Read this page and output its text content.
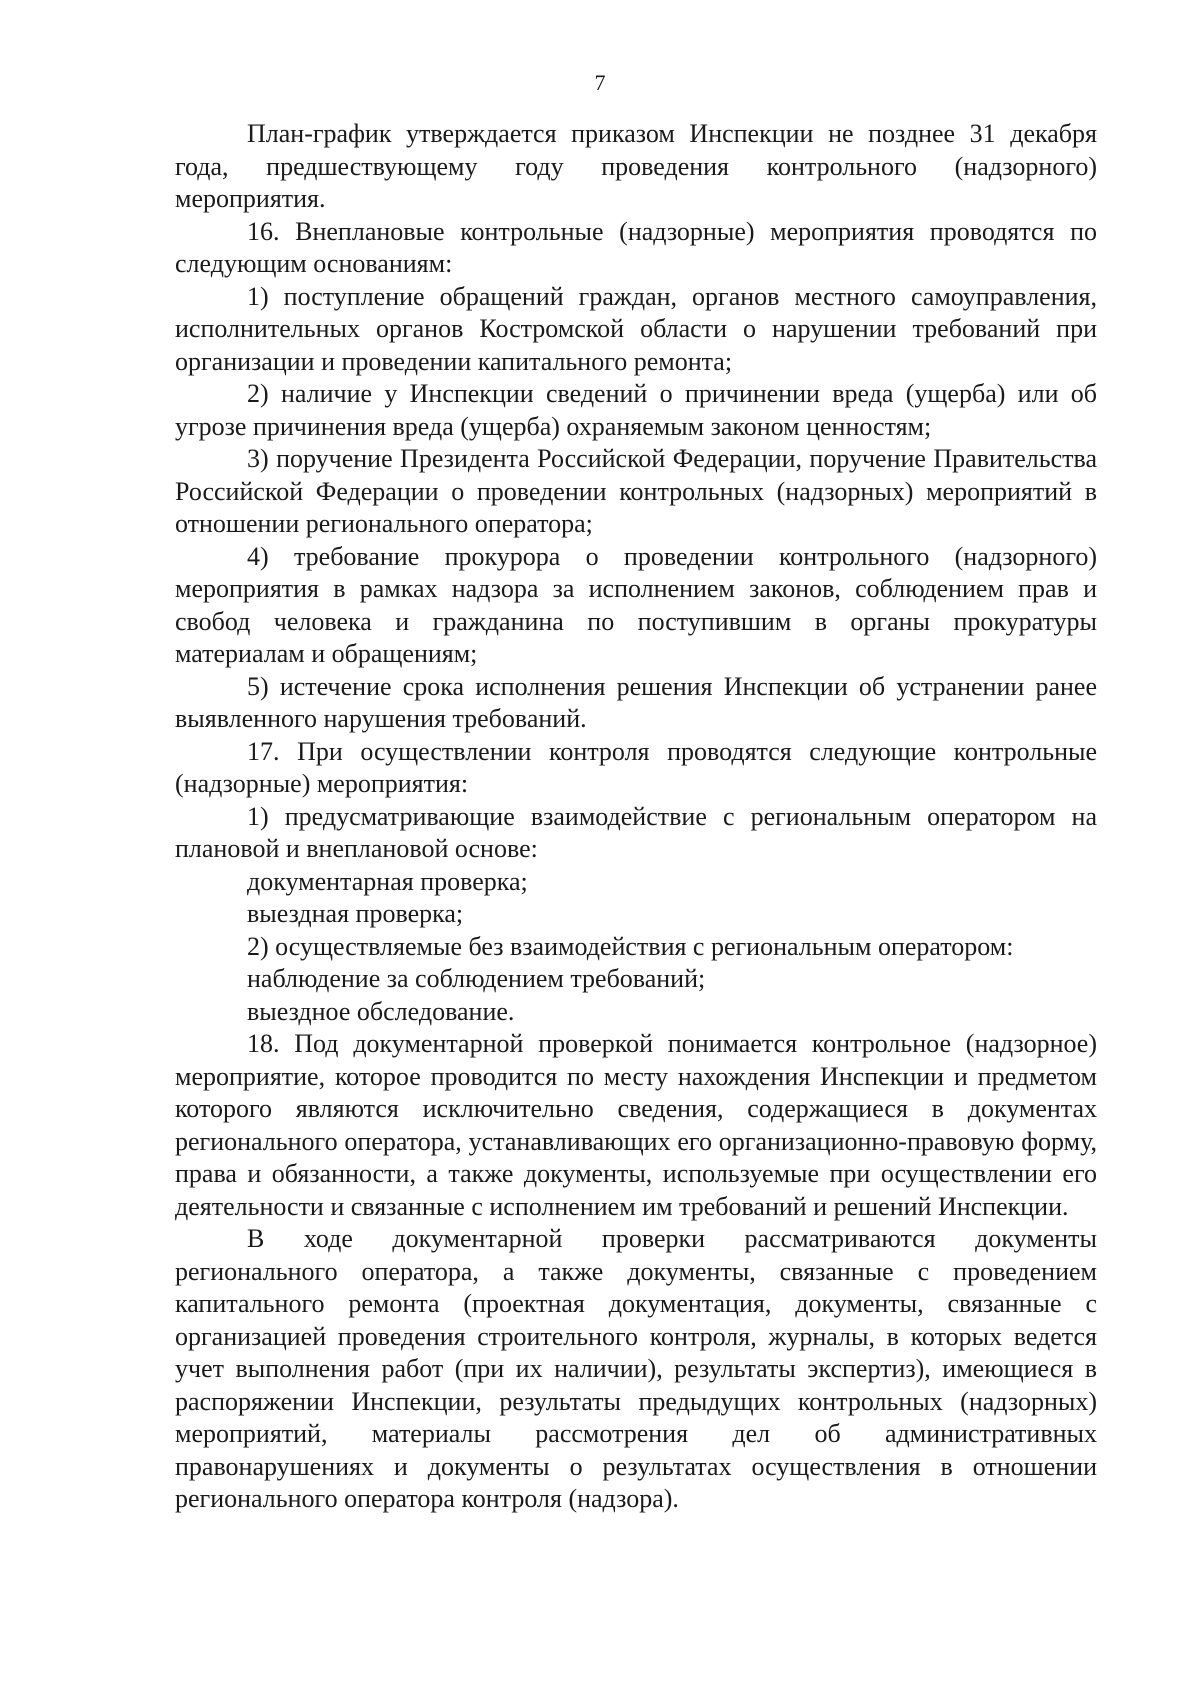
7

План-график утверждается приказом Инспекции не позднее 31 декабря года, предшествующему году проведения контрольного (надзорного) мероприятия.

16. Внеплановые контрольные (надзорные) мероприятия проводятся по следующим основаниям:

1) поступление обращений граждан, органов местного самоуправления, исполнительных органов Костромской области о нарушении требований при организации и проведении капитального ремонта;

2) наличие у Инспекции сведений о причинении вреда (ущерба) или об угрозе причинения вреда (ущерба) охраняемым законом ценностям;

3) поручение Президента Российской Федерации, поручение Правительства Российской Федерации о проведении контрольных (надзорных) мероприятий в отношении регионального оператора;

4) требование прокурора о проведении контрольного (надзорного) мероприятия в рамках надзора за исполнением законов, соблюдением прав и свобод человека и гражданина по поступившим в органы прокуратуры материалам и обращениям;

5) истечение срока исполнения решения Инспекции об устранении ранее выявленного нарушения требований.

17. При осуществлении контроля проводятся следующие контрольные (надзорные) мероприятия:

1) предусматривающие взаимодействие с региональным оператором на плановой и внеплановой основе:

документарная проверка;

выездная проверка;

2) осуществляемые без взаимодействия с региональным оператором:

наблюдение за соблюдением требований;

выездное обследование.

18. Под документарной проверкой понимается контрольное (надзорное) мероприятие, которое проводится по месту нахождения Инспекции и предметом которого являются исключительно сведения, содержащиеся в документах регионального оператора, устанавливающих его организационно-правовую форму, права и обязанности, а также документы, используемые при осуществлении его деятельности и связанные с исполнением им требований и решений Инспекции.

В ходе документарной проверки рассматриваются документы регионального оператора, а также документы, связанные с проведением капитального ремонта (проектная документация, документы, связанные с организацией проведения строительного контроля, журналы, в которых ведется учет выполнения работ (при их наличии), результаты экспертиз), имеющиеся в распоряжении Инспекции, результаты предыдущих контрольных (надзорных) мероприятий, материалы рассмотрения дел об административных правонарушениях и документы о результатах осуществления в отношении регионального оператора контроля (надзора).
